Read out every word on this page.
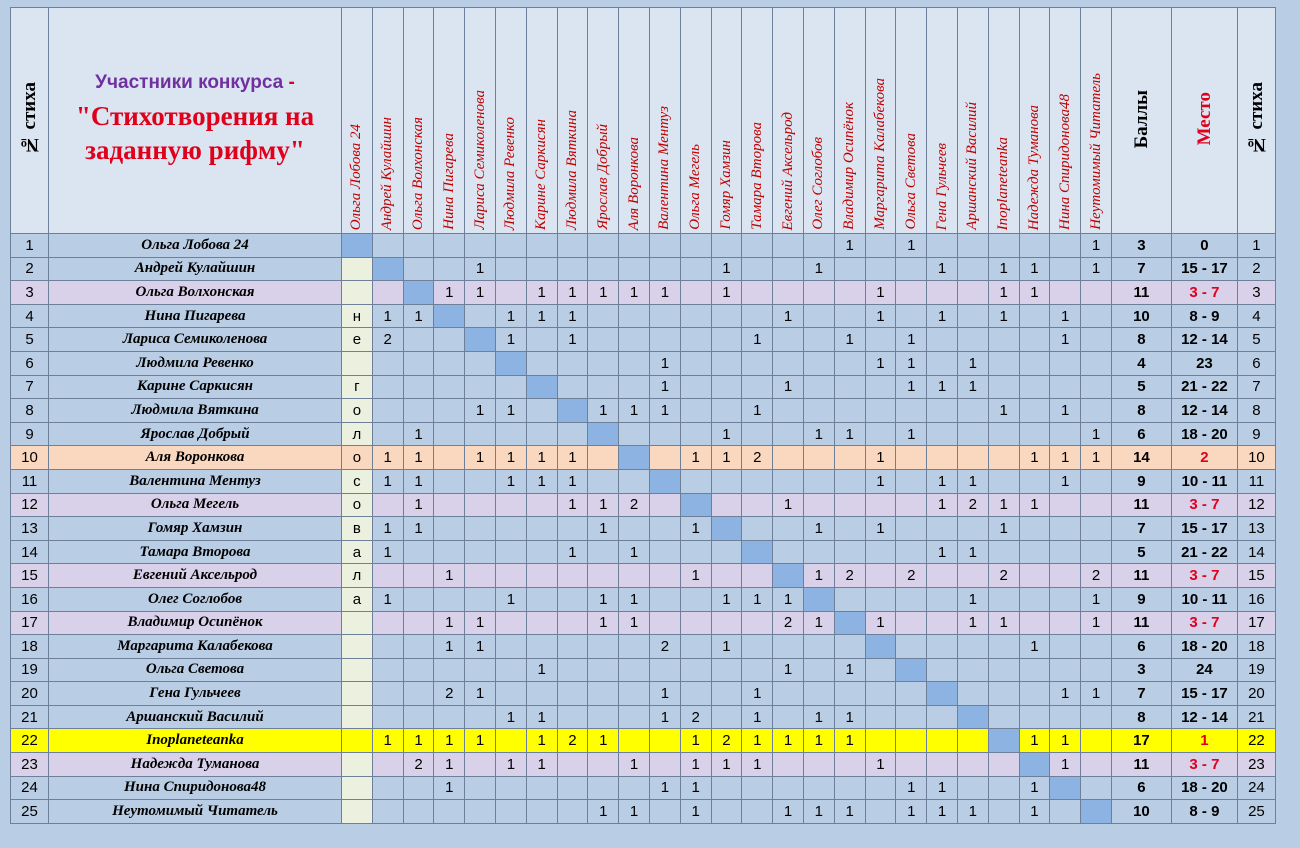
№ стиха	Участники конкурса -
"Стихотворения на заданную рифму"	Ольга Лобова 24	Андрей Кулайшин	Ольга Волхонская	Нина Пигарева	Лариса Семиколенова	Людмила Ревенко	Карине Саркисян	Людмила Вяткина	Ярослав Добрый	Аля Воронкова	Валентина Ментуз	Ольга Мегель	Гомяр Хамзин	Тамара Второва	Евгений Аксельрод	Олег Соглобов	Владимир Осипёнок	Маргарита Калабекова	Ольга Светова	Гена Гульчеев	Аршанский Василий	Inoplaneteanka	Надежда Туманова	Нина Спиридонова48	Неутомимый Читатель	Баллы	Место	№ стиха
1	Ольга Лобова 24																	1		1						1	3	0	1
2	Андрей Кулайшин					1								1			1				1		1	1		1	7	15 - 17	2
3	Ольга Волхонская				1	1		1	1	1	1	1		1					1				1	1			11	3 - 7	3
4	Нина Пигарева	н	1	1			1	1	1							1			1		1		1		1		10	8 - 9	4
5	Лариса Семиколенова	е	2				1		1						1			1		1					1		8	12 - 14	5
6	Людмила Ревенко											1							1	1		1					4	23	6
7	Карине Саркисян	г										1				1				1	1	1					5	21 - 22	7
8	Людмила Вяткина	о				1	1			1	1	1			1								1		1		8	12 - 14	8
9	Ярослав Добрый	л		1										1			1	1		1						1	6	18 - 20	9
10	Аля Воронкова	о	1	1		1	1	1	1				1	1	2				1					1	1	1	14	2	10
11	Валентина Ментуз	с	1	1			1	1	1										1		1	1			1		9	10 - 11	11
12	Ольга Мегель	о		1					1	1	2					1					1	2	1	1			11	3 - 7	12
13	Гомяр Хамзин	в	1	1						1			1				1		1				1				7	15 - 17	13
14	Тамара Второва	а	1						1		1										1	1					5	21 - 22	14
15	Евгений Аксельрод	л			1								1				1	2		2			2			2	11	3 - 7	15
16	Олег Соглобов	а	1				1			1	1			1	1	1						1				1	9	10 - 11	16
17	Владимир Осипёнок				1	1				1	1					2	1		1			1	1			1	11	3 - 7	17
18	Маргарита Калабекова				1	1						2		1										1			6	18 - 20	18
19	Ольга Светова							1								1		1									3	24	19
20	Гена Гульчеев				2	1						1			1										1	1	7	15 - 17	20
21	Аршанский Василий						1	1				1	2		1		1	1									8	12 - 14	21
22	Inoplaneteanka		1	1	1	1		1	2	1			1	2	1	1	1	1						1	1		17	1	22
23	Надежда Туманова			2	1		1	1			1		1	1	1				1						1		11	3 - 7	23
24	Нина Спиридонова48				1							1	1							1	1			1			6	18 - 20	24
25	Неутомимый Читатель									1	1		1			1	1	1		1	1	1		1			10	8 - 9	25
